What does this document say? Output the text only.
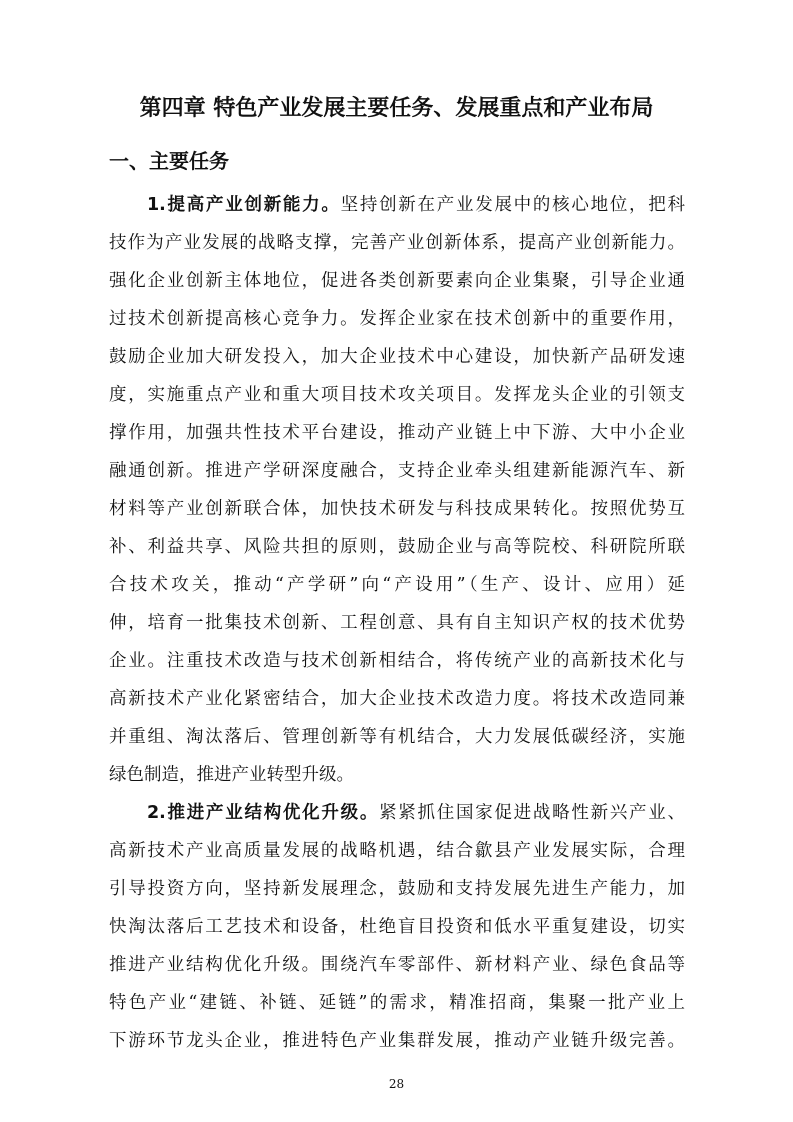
第四章 特色产业发展主要任务、发展重点和产业布局
一、主要任务
1.提高产业创新能力。坚持创新在产业发展中的核心地位，把科
技作为产业发展的战略支撑，完善产业创新体系，提高产业创新能力。
强化企业创新主体地位，促进各类创新要素向企业集聚，引导企业通
过技术创新提高核心竞争力。发挥企业家在技术创新中的重要作用，
鼓励企业加大研发投入，加大企业技术中心建设，加快新产品研发速
度，实施重点产业和重大项目技术攻关项目。发挥龙头企业的引领支
撑作用，加强共性技术平台建设，推动产业链上中下游、大中小企业
融通创新。推进产学研深度融合，支持企业牵头组建新能源汽车、新
材料等产业创新联合体，加快技术研发与科技成果转化。按照优势互
补、利益共享、风险共担的原则，鼓励企业与高等院校、科研院所联
合技术攻关，推动“产学研”向“产设用”（生产、设计、应用）延
伸，培育一批集技术创新、工程创意、具有自主知识产权的技术优势
企业。注重技术改造与技术创新相结合，将传统产业的高新技术化与
高新技术产业化紧密结合，加大企业技术改造力度。将技术改造同兼
并重组、淘汰落后、管理创新等有机结合，大力发展低碳经济，实施
绿色制造，推进产业转型升级。
2.推进产业结构优化升级。紧紧抓住国家促进战略性新兴产业、
高新技术产业高质量发展的战略机遇，结合歙县产业发展实际，合理
引导投资方向，坚持新发展理念，鼓励和支持发展先进生产能力，加
快淘汰落后工艺技术和设备，杜绝盲目投资和低水平重复建设，切实
推进产业结构优化升级。围绕汽车零部件、新材料产业、绿色食品等
特色产业“建链、补链、延链”的需求，精准招商，集聚一批产业上
下游环节龙头企业，推进特色产业集群发展，推动产业链升级完善。
28
